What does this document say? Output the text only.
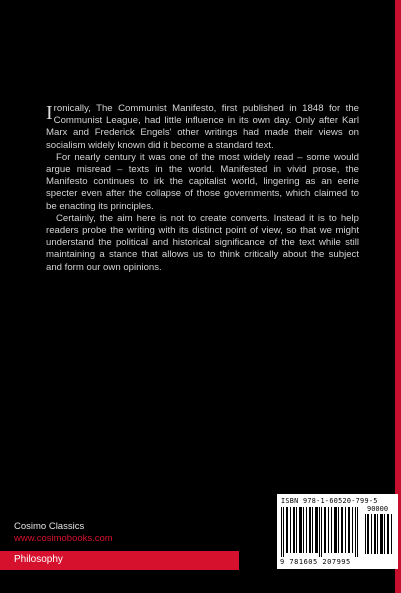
Ironically, The Communist Manifesto, first published in 1848 for the Communist League, had little influence in its own day. Only after Karl Marx and Frederick Engels' other writings had made their views on socialism widely known did it become a standard text.

For nearly century it was one of the most widely read – some would argue misread – texts in the world. Manifested in vivid prose, the Manifesto continues to irk the capitalist world, lingering as an eerie specter even after the collapse of those governments, which claimed to be enacting its principles.

Certainly, the aim here is not to create converts. Instead it is to help readers probe the writing with its distinct point of view, so that we might understand the political and historical significance of the text while still maintaining a stance that allows us to think critically about the subject and form our own opinions.

ISBN 978-1-60520-799-5
90000
9 781605 207995
Cosimo Classics
www.cosimobooks.com
Philosophy
